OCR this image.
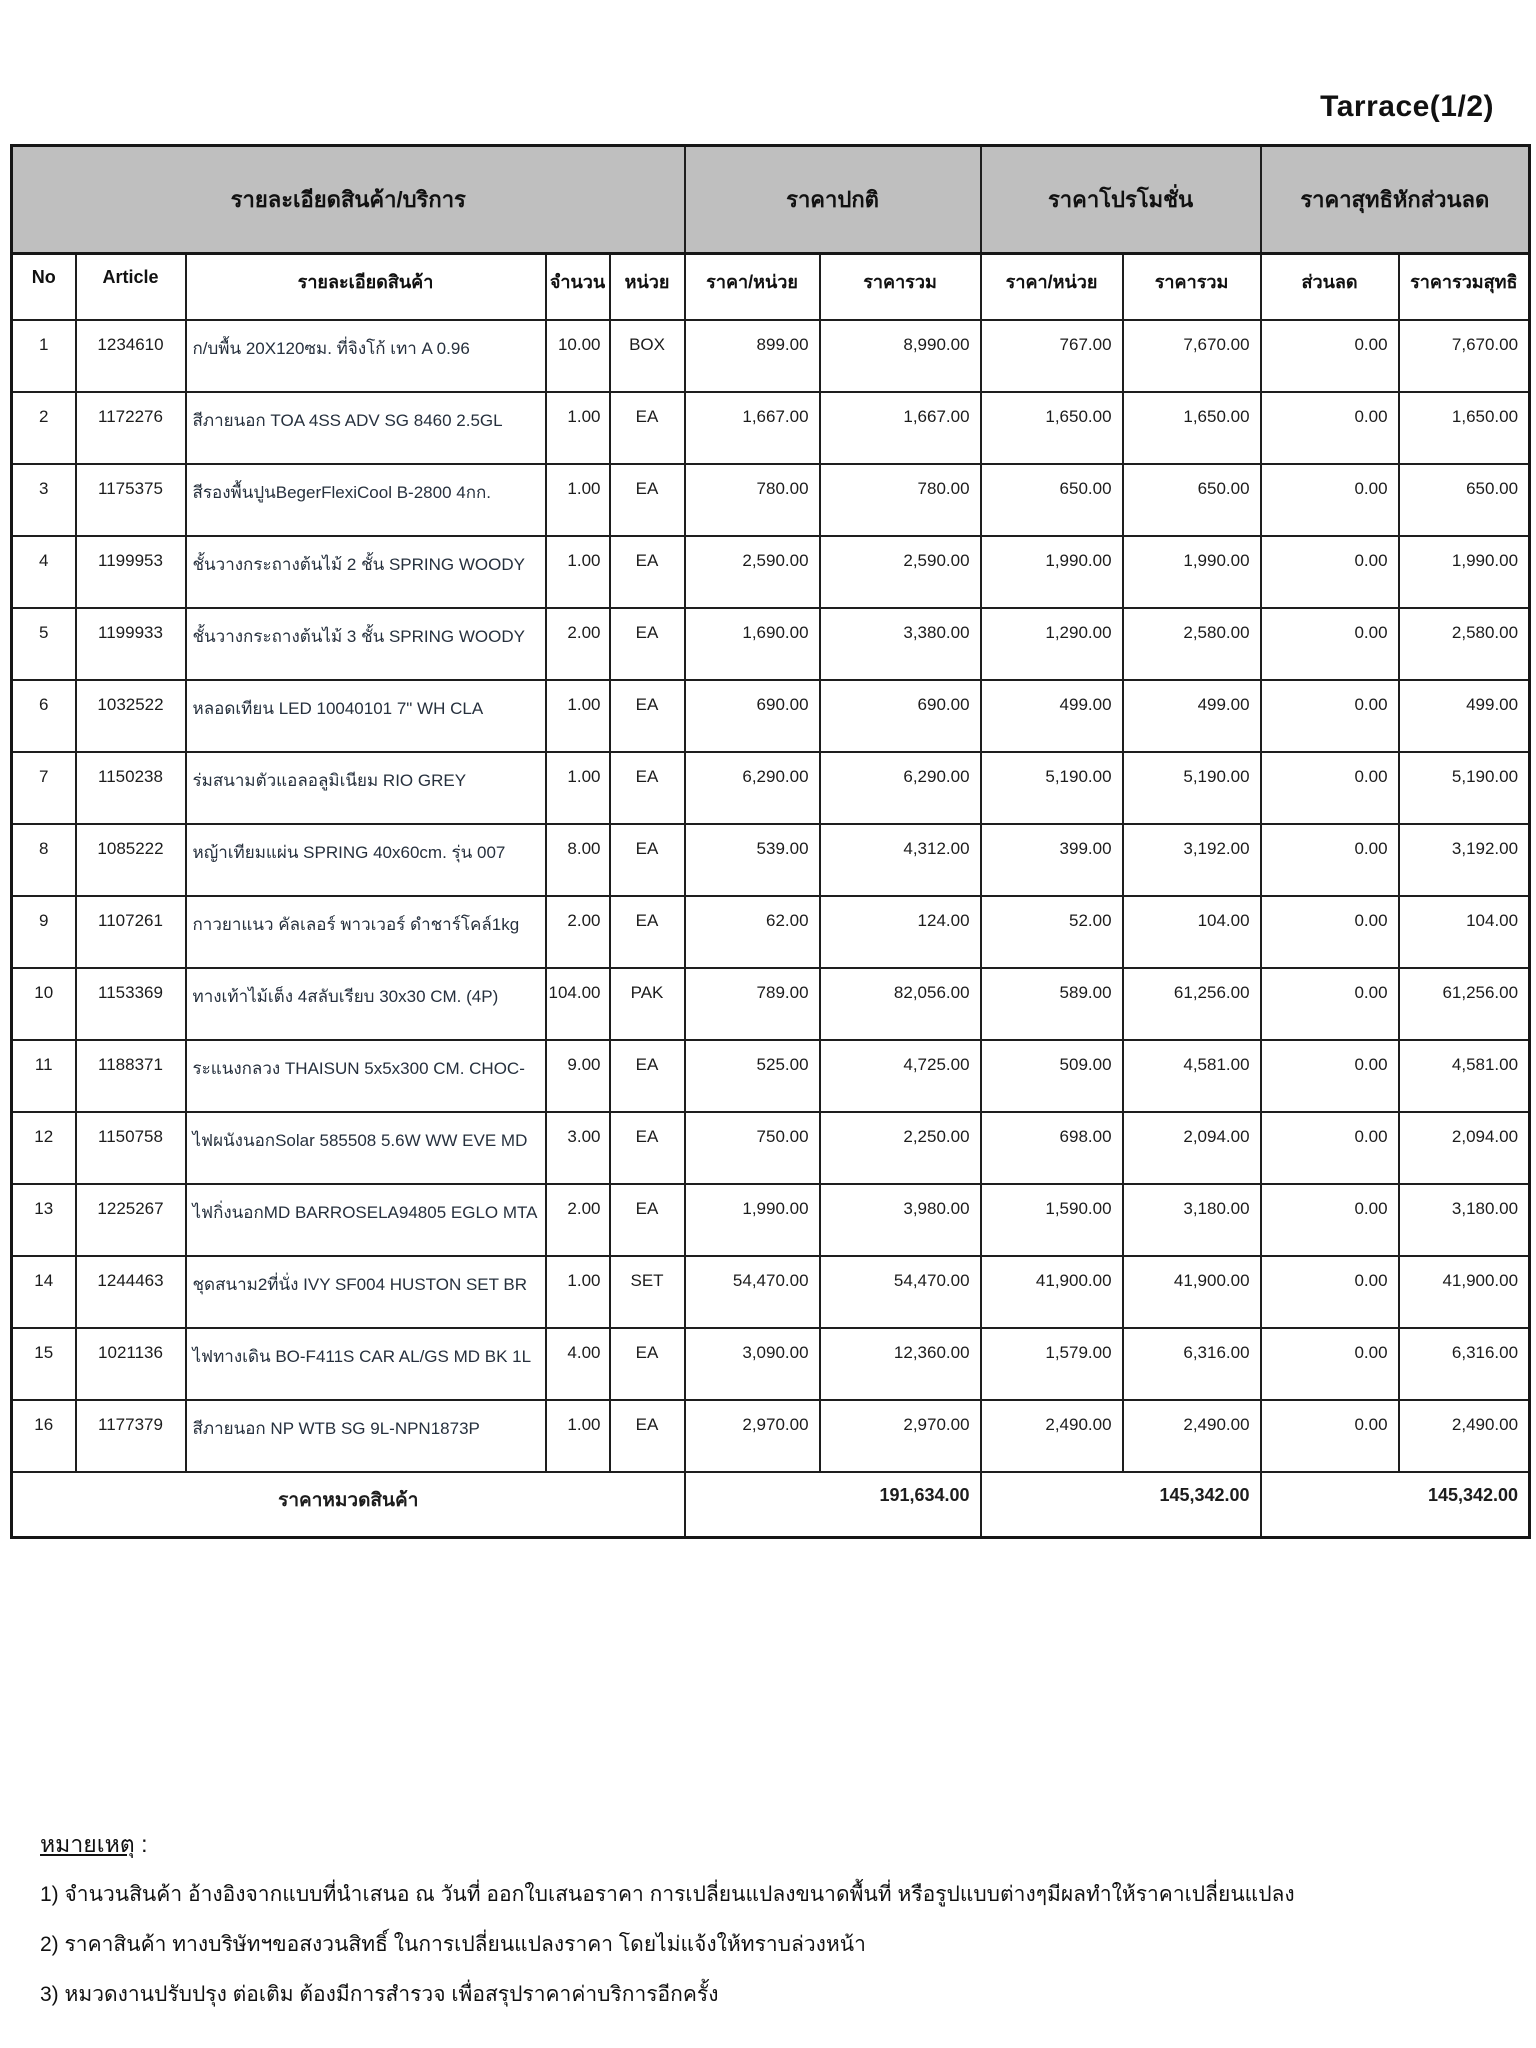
Tarrace(1/2)
รายละเอียดสินค้า/บริการ					ราคาปกติ		ราคาโปรโมชั่น		ราคาสุทธิหักส่วนลด	
No	Article	รายละเอียดสินค้า	จำนวน	หน่วย	ราคา/หน่วย	ราคารวม	ราคา/หน่วย	ราคารวม	ส่วนลด	ราคารวมสุทธิ
1	1234610	ก/บพื้น 20X120ซม. ที่จิงโก้ เทา A 0.96	10.00	BOX	899.00	8,990.00	767.00	7,670.00	0.00	7,670.00
2	1172276	สีภายนอก TOA 4SS ADV SG 8460 2.5GL	1.00	EA	1,667.00	1,667.00	1,650.00	1,650.00	0.00	1,650.00
3	1175375	สีรองพื้นปูนBegerFlexiCool B-2800 4กก.	1.00	EA	780.00	780.00	650.00	650.00	0.00	650.00
4	1199953	ชั้นวางกระถางต้นไม้ 2 ชั้น SPRING WOODY	1.00	EA	2,590.00	2,590.00	1,990.00	1,990.00	0.00	1,990.00
5	1199933	ชั้นวางกระถางต้นไม้ 3 ชั้น SPRING WOODY	2.00	EA	1,690.00	3,380.00	1,290.00	2,580.00	0.00	2,580.00
6	1032522	หลอดเทียน LED 10040101 7" WH CLA	1.00	EA	690.00	690.00	499.00	499.00	0.00	499.00
7	1150238	ร่มสนามตัวแอลอลูมิเนียม RIO GREY	1.00	EA	6,290.00	6,290.00	5,190.00	5,190.00	0.00	5,190.00
8	1085222	หญ้าเทียมแผ่น SPRING 40x60cm. รุ่น 007	8.00	EA	539.00	4,312.00	399.00	3,192.00	0.00	3,192.00
9	1107261	กาวยาแนว คัลเลอร์ พาวเวอร์ ดำชาร์โคล์1kg	2.00	EA	62.00	124.00	52.00	104.00	0.00	104.00
10	1153369	ทางเท้าไม้เต็ง 4สลับเรียบ 30x30 CM. (4P)	104.00	PAK	789.00	82,056.00	589.00	61,256.00	0.00	61,256.00
11	1188371	ระแนงกลวง THAISUN 5x5x300 CM. CHOC-	9.00	EA	525.00	4,725.00	509.00	4,581.00	0.00	4,581.00
12	1150758	ไฟผนังนอกSolar 585508 5.6W WW EVE MD	3.00	EA	750.00	2,250.00	698.00	2,094.00	0.00	2,094.00
13	1225267	ไฟกิ่งนอกMD BARROSELA94805 EGLO MTA	2.00	EA	1,990.00	3,980.00	1,590.00	3,180.00	0.00	3,180.00
14	1244463	ชุดสนาม2ที่นั่ง IVY SF004 HUSTON SET BR	1.00	SET	54,470.00	54,470.00	41,900.00	41,900.00	0.00	41,900.00
15	1021136	ไฟทางเดิน BO-F411S CAR AL/GS MD BK 1L	4.00	EA	3,090.00	12,360.00	1,579.00	6,316.00	0.00	6,316.00
16	1177379	สีภายนอก NP WTB SG 9L-NPN1873P	1.00	EA	2,970.00	2,970.00	2,490.00	2,490.00	0.00	2,490.00
ราคาหมวดสินค้า					191,634.00		145,342.00		145,342.00	
หมายเหตุ :
1) จำนวนสินค้า อ้างอิงจากแบบที่นำเสนอ ณ วันที่ ออกใบเสนอราคา การเปลี่ยนแปลงขนาดพื้นที่ หรือรูปแบบต่างๆมีผลทำให้ราคาเปลี่ยนแปลง
2) ราคาสินค้า ทางบริษัทฯขอสงวนสิทธิ์ ในการเปลี่ยนแปลงราคา โดยไม่แจ้งให้ทราบล่วงหน้า
3) หมวดงานปรับปรุง ต่อเติม ต้องมีการสำรวจ เพื่อสรุปราคาค่าบริการอีกครั้ง
